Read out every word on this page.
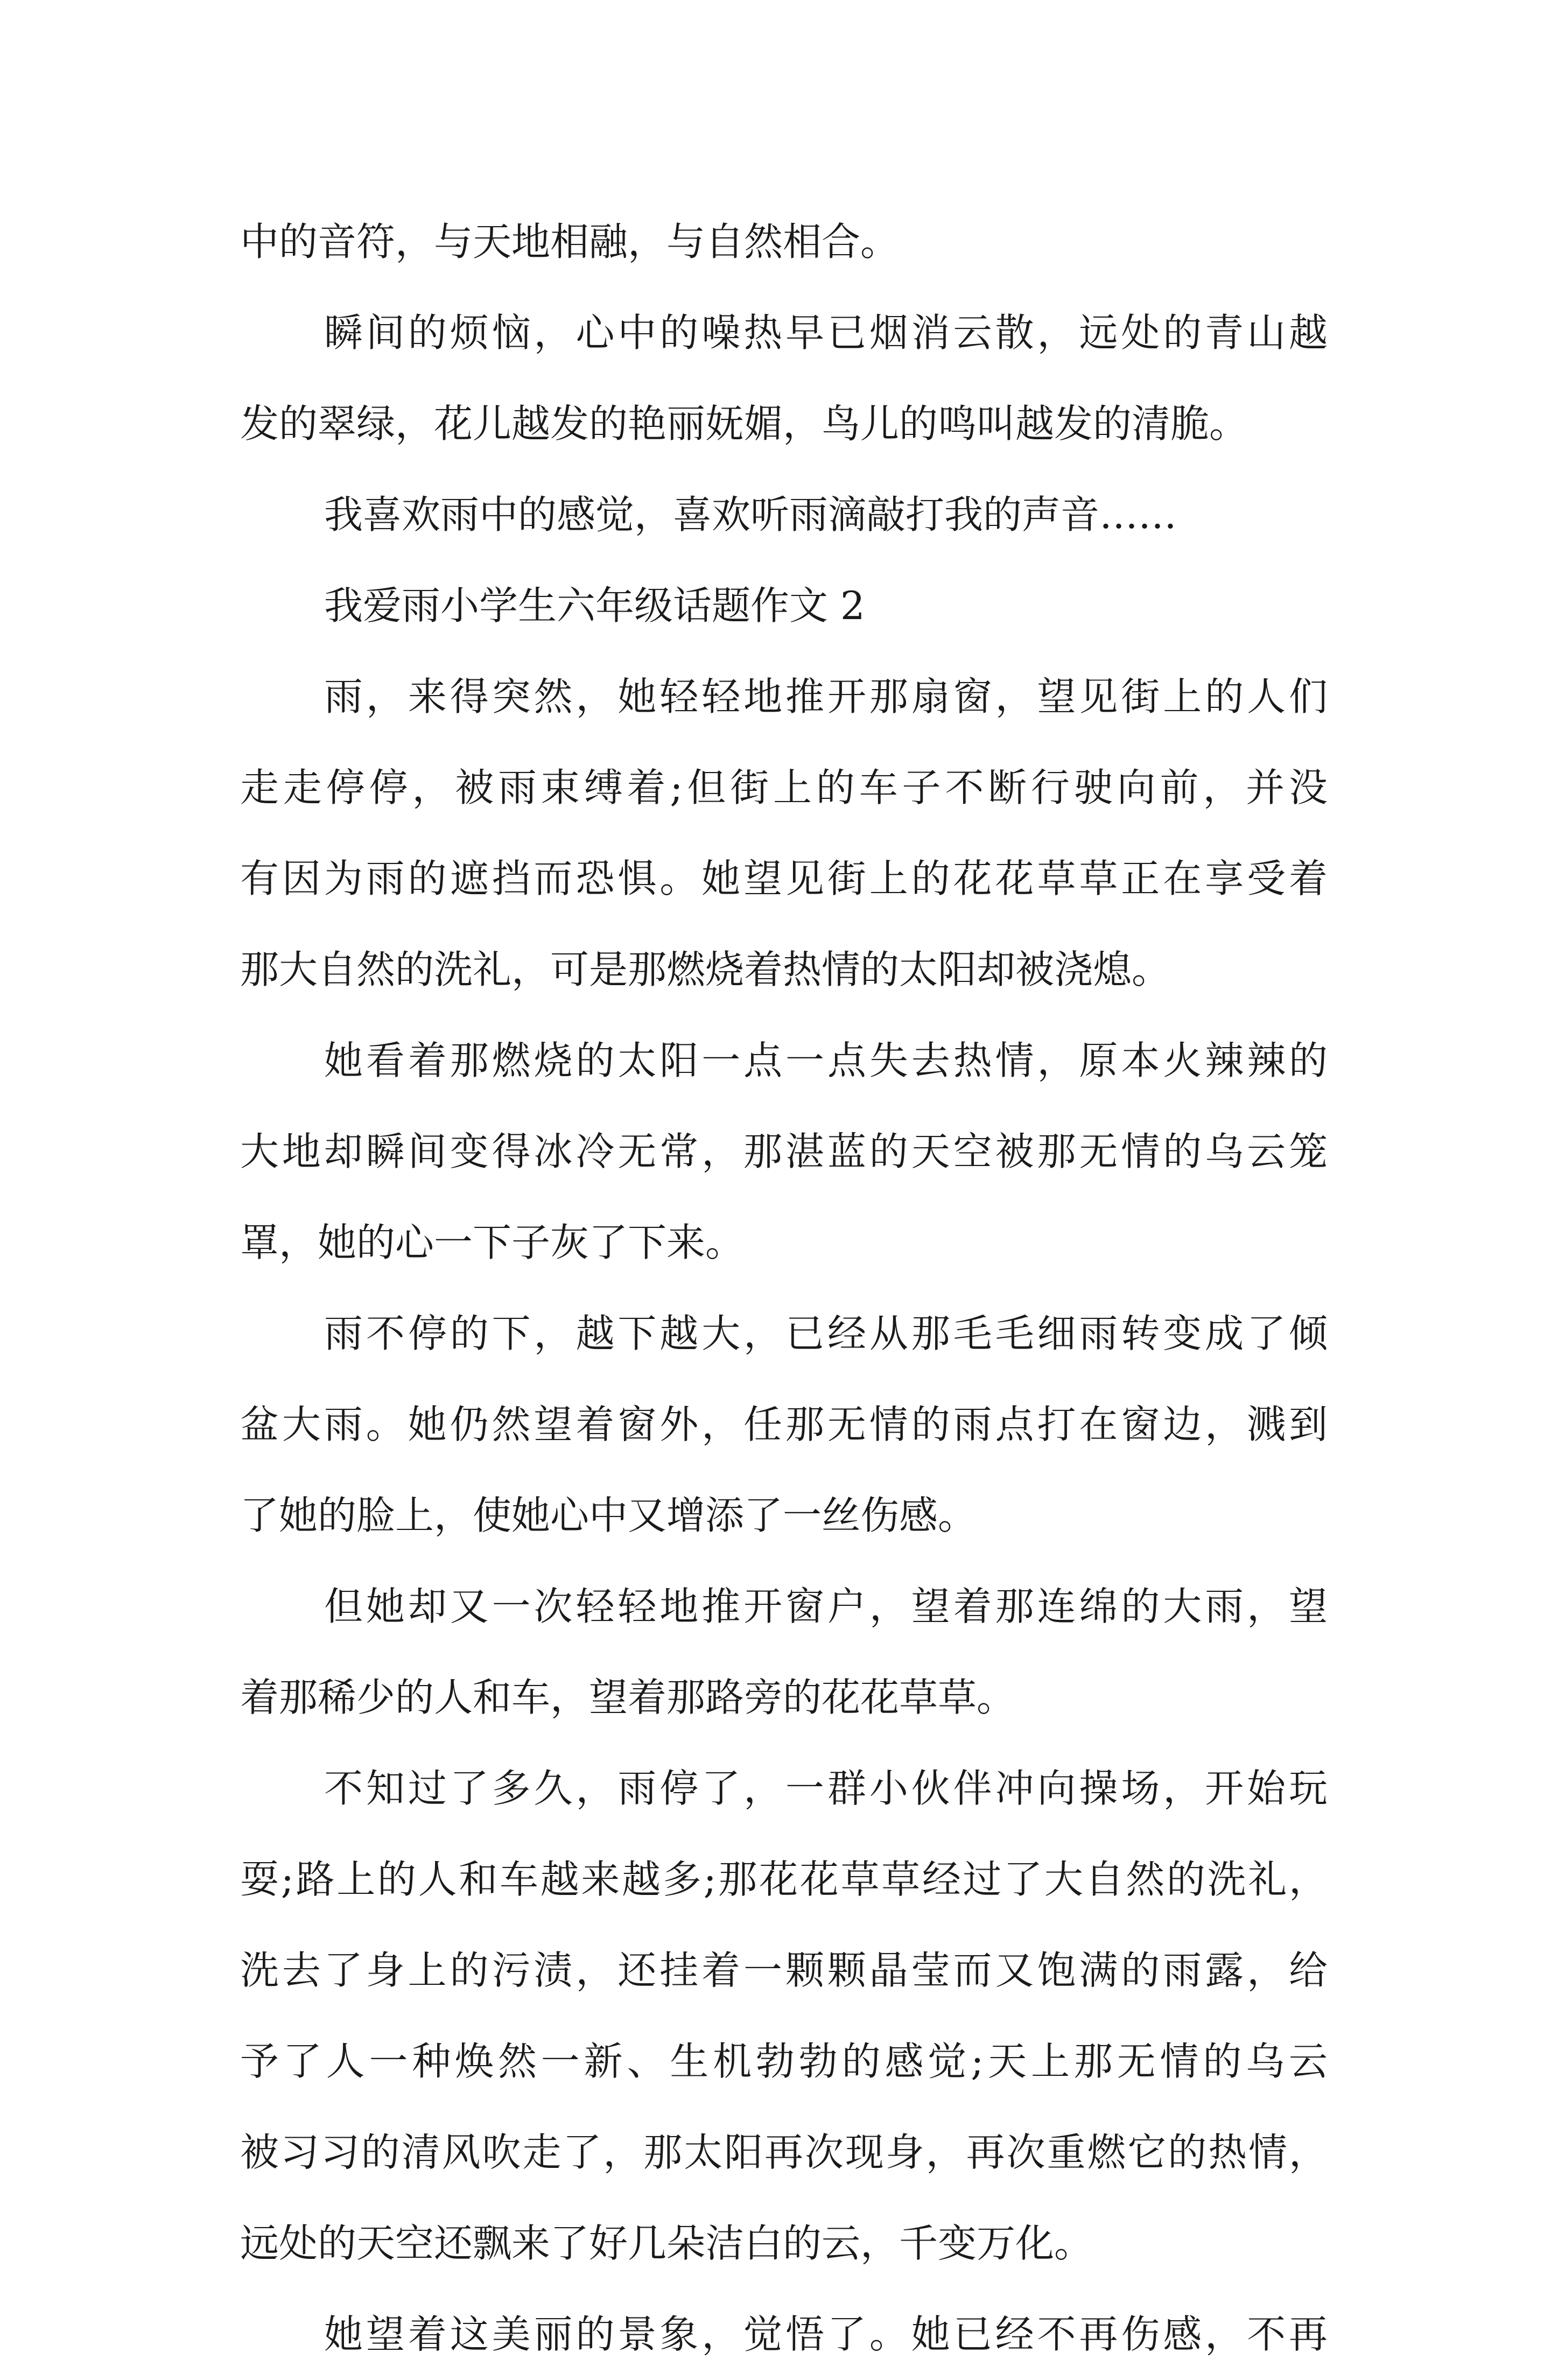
中的音符，与天地相融，与自然相合。
瞬间的烦恼，心中的噪热早已烟消云散，远处的青山越
发的翠绿，花儿越发的艳丽妩媚，鸟儿的鸣叫越发的清脆。
我喜欢雨中的感觉，喜欢听雨滴敲打我的声音……
我爱雨小学生六年级话题作文 2
雨，来得突然，她轻轻地推开那扇窗，望见街上的人们
走走停停，被雨束缚着;但街上的车子不断行驶向前，并没
有因为雨的遮挡而恐惧。她望见街上的花花草草正在享受着
那大自然的洗礼，可是那燃烧着热情的太阳却被浇熄。
她看着那燃烧的太阳一点一点失去热情，原本火辣辣的
大地却瞬间变得冰冷无常，那湛蓝的天空被那无情的乌云笼
罩，她的心一下子灰了下来。
雨不停的下，越下越大，已经从那毛毛细雨转变成了倾
盆大雨。她仍然望着窗外，任那无情的雨点打在窗边，溅到
了她的脸上，使她心中又增添了一丝伤感。
但她却又一次轻轻地推开窗户，望着那连绵的大雨，望
着那稀少的人和车，望着那路旁的花花草草。
不知过了多久，雨停了，一群小伙伴冲向操场，开始玩
耍;路上的人和车越来越多;那花花草草经过了大自然的洗礼，
洗去了身上的污渍，还挂着一颗颗晶莹而又饱满的雨露，给
予了人一种焕然一新、生机勃勃的感觉;天上那无情的乌云
被习习的清风吹走了，那太阳再次现身，再次重燃它的热情，
远处的天空还飘来了好几朵洁白的云，千变万化。
她望着这美丽的景象，觉悟了。她已经不再伤感，不再
